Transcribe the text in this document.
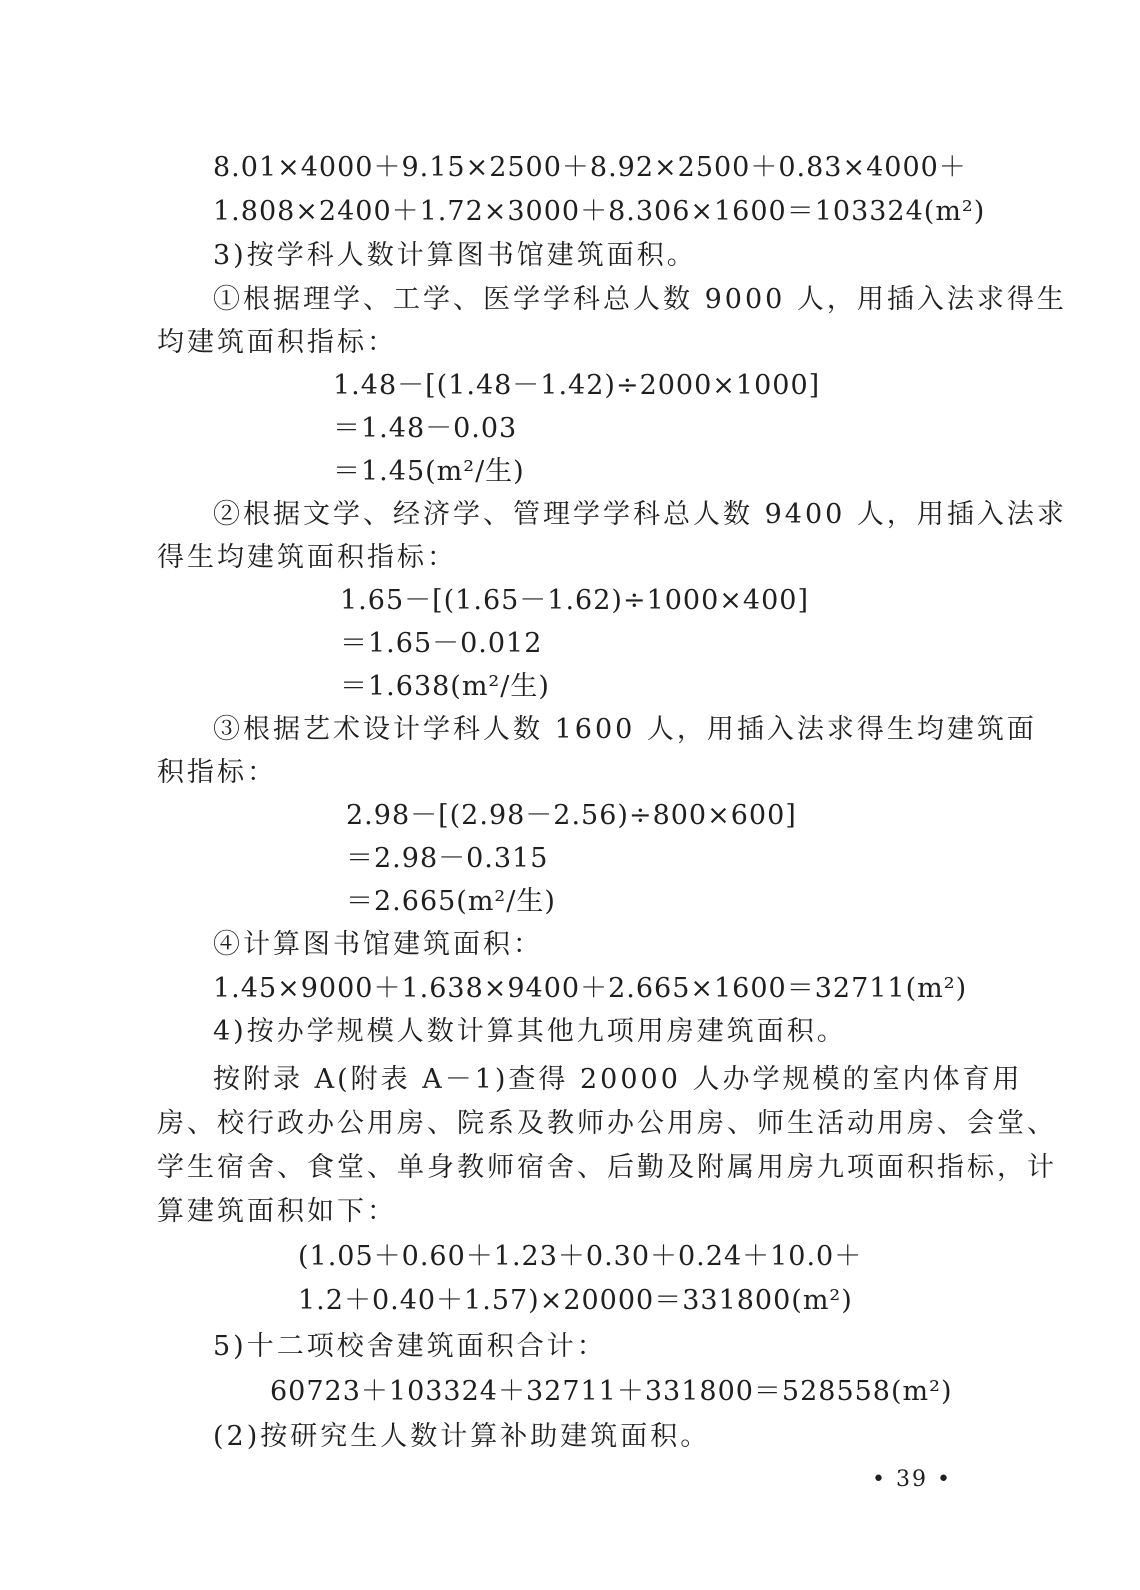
8.01×4000＋9.15×2500＋8.92×2500＋0.83×4000＋
1.808×2400＋1.72×3000＋8.306×1600＝103324(m²)
3)按学科人数计算图书馆建筑面积。
①根据理学、工学、医学学科总人数 9000 人，用插入法求得生
均建筑面积指标：
1.48－[(1.48－1.42)÷2000×1000]
＝1.48－0.03
＝1.45(m²/生)
②根据文学、经济学、管理学学科总人数 9400 人，用插入法求
得生均建筑面积指标：
1.65－[(1.65－1.62)÷1000×400]
＝1.65－0.012
＝1.638(m²/生)
③根据艺术设计学科人数 1600 人，用插入法求得生均建筑面
积指标：
2.98－[(2.98－2.56)÷800×600]
＝2.98－0.315
＝2.665(m²/生)
④计算图书馆建筑面积：
1.45×9000＋1.638×9400＋2.665×1600＝32711(m²)
4)按办学规模人数计算其他九项用房建筑面积。
按附录 A(附表 A－1)查得 20000 人办学规模的室内体育用
房、校行政办公用房、院系及教师办公用房、师生活动用房、会堂、
学生宿舍、食堂、单身教师宿舍、后勤及附属用房九项面积指标，计
算建筑面积如下：
(1.05＋0.60＋1.23＋0.30＋0.24＋10.0＋
1.2＋0.40＋1.57)×20000＝331800(m²)
5)十二项校舍建筑面积合计：
60723＋103324＋32711＋331800＝528558(m²)
(2)按研究生人数计算补助建筑面积。
• 39 •
